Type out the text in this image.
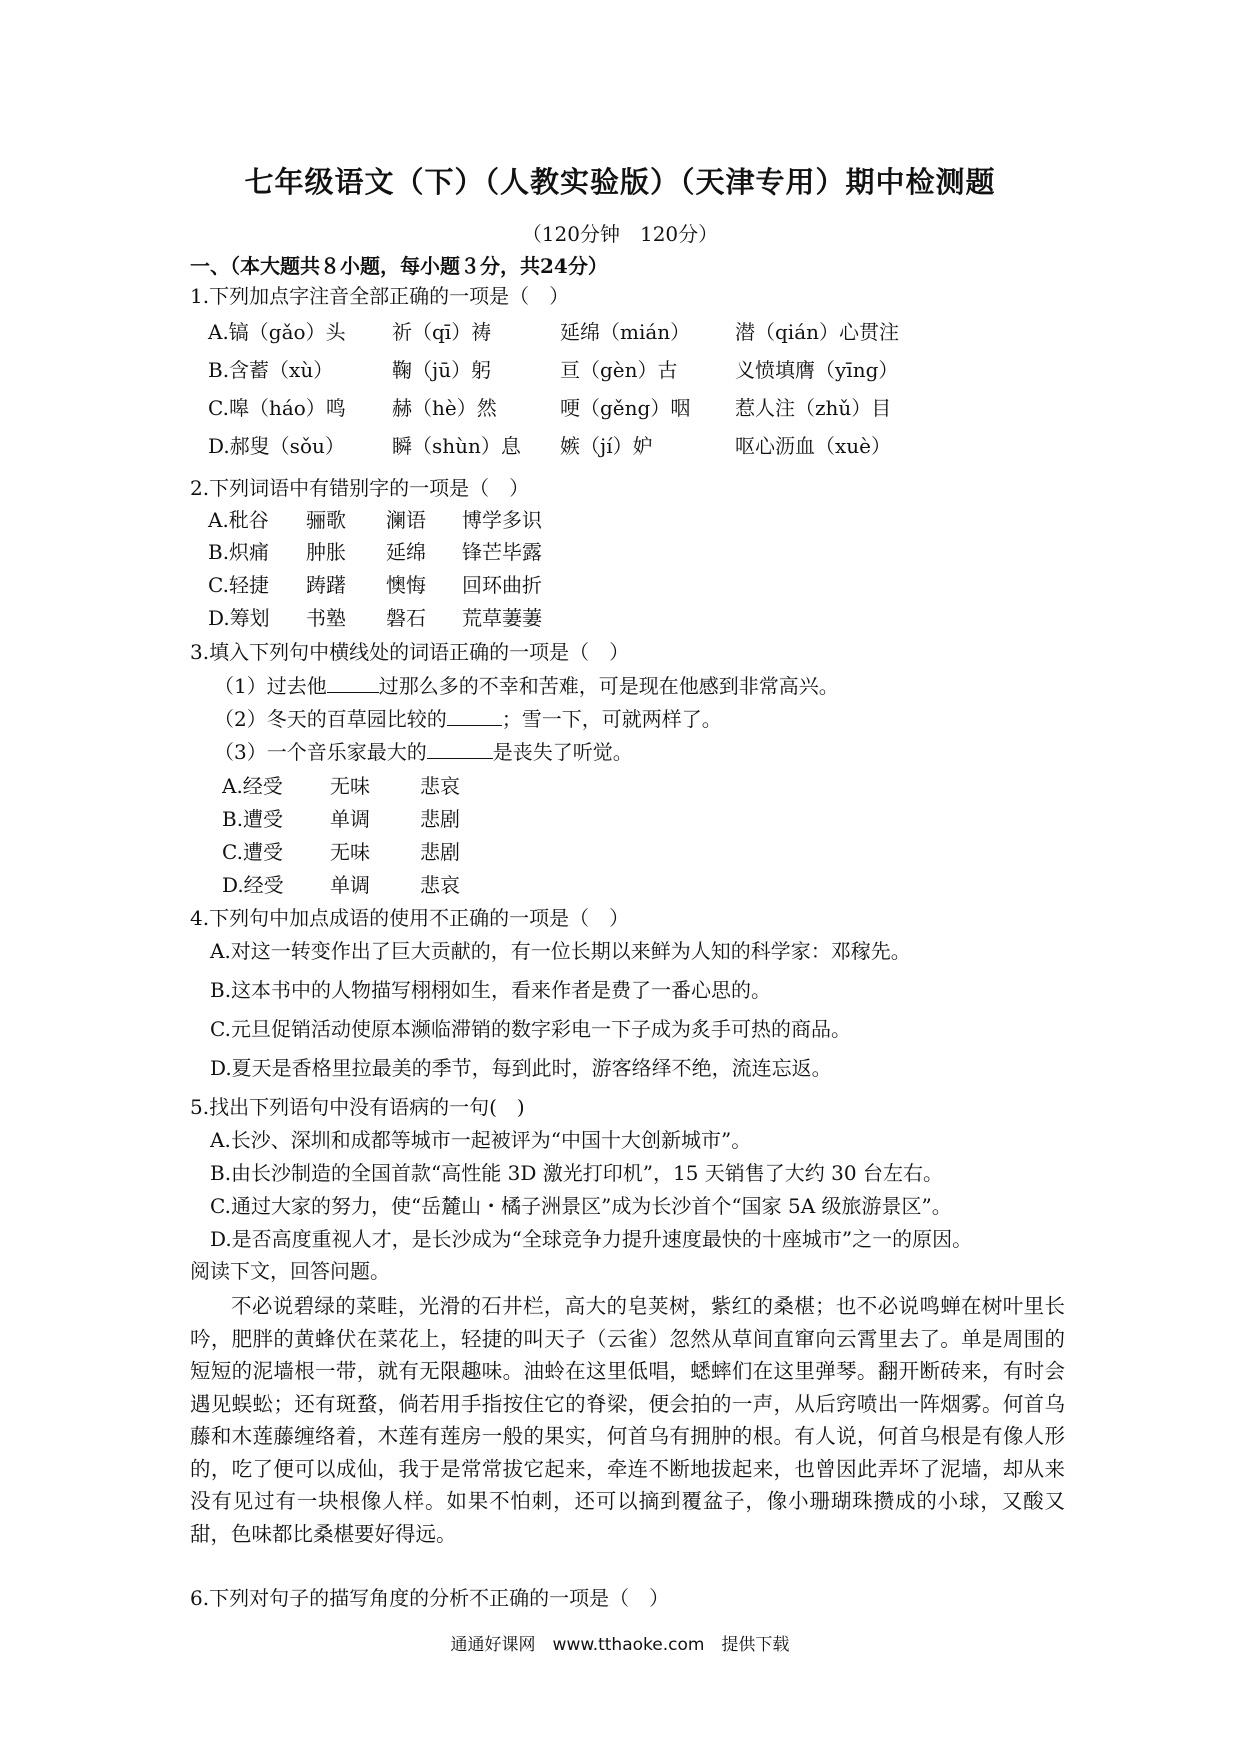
七年级语文（下）（人教实验版）（天津专用）期中检测题
（120分钟　120分）
一、（本大题共８小题，每小题３分，共24分）
1.下列加点字注音全部正确的一项是（　）
A.镐（gǎo）头 祈（qī）祷	延绵（mián） 潜（qián）心贯注
B.含蓄（xù）	鞠（jū）躬	亘（gèn）古	义愤填膺（yīng）
C.嗥（háo）鸣 赫（hè）然	哽（gěng）咽 惹人注（zhǔ）目
D.郝叟（sǒu） 瞬（shùn）息 嫉（jí）妒	呕心沥血（xuè）
2.下列词语中有错别字的一项是（　）
A.秕谷 骊歌 澜语 博学多识
B.炽痛 肿胀 延绵 锋芒毕露
C.轻捷 踌躇 懊悔 回环曲折
D.筹划 书塾 磐石 荒草萋萋
3.填入下列句中横线处的词语正确的一项是（　）
（1）过去他	过那么多的不幸和苦难，可是现在他感到非常高兴。
（2）冬天的百草园比较的	；雪一下，可就两样了。
（3）一个音乐家最大的	是丧失了听觉。
A.经受 无味	悲哀
B.遭受 单调	悲剧
C.遭受 无味	悲剧
D.经受 单调	悲哀
4.下列句中加点成语的使用不正确的一项是（　）
A.对这一转变作出了巨大贡献的，有一位长期以来鲜为人知的科学家：邓稼先。
B.这本书中的人物描写栩栩如生，看来作者是费了一番心思的。
C.元旦促销活动使原本濒临滞销的数字彩电一下子成为炙手可热的商品。
D.夏天是香格里拉最美的季节，每到此时，游客络绎不绝，流连忘返。
5.找出下列语句中没有语病的一句(　)
A.长沙、深圳和成都等城市一起被评为“中国十大创新城市”。
B.由长沙制造的全国首款“高性能 3D 激光打印机”，15 天销售了大约 30 台左右。
C.通过大家的努力，使“岳麓山・橘子洲景区”成为长沙首个“国家 5A 级旅游景区”。
D.是否高度重视人才，是长沙成为“全球竞争力提升速度最快的十座城市”之一的原因。
阅读下文，回答问题。
不必说碧绿的菜畦，光滑的石井栏，高大的皂荚树，紫红的桑椹；也不必说鸣蝉在树叶里长吟，肥胖的黄蜂伏在菜花上，轻捷的叫天子（云雀）忽然从草间直窜向云霄里去了。单是周围的短短的泥墙根一带，就有无限趣味。油蛉在这里低唱，蟋蟀们在这里弹琴。翻开断砖来，有时会遇见蜈蚣；还有斑蝥，倘若用手指按住它的脊梁，便会拍的一声，从后窍喷出一阵烟雾。何首乌藤和木莲藤缠络着，木莲有莲房一般的果实，何首乌有拥肿的根。有人说，何首乌根是有像人形的，吃了便可以成仙，我于是常常拔它起来，牵连不断地拔起来，也曾因此弄坏了泥墙，却从来没有见过有一块根像人样。如果不怕刺，还可以摘到覆盆子，像小珊瑚珠攒成的小球，又酸又甜，色味都比桑椹要好得远。
6.下列对句子的描写角度的分析不正确的一项是（　）
通通好课网　www.tthaoke.com　提供下载
